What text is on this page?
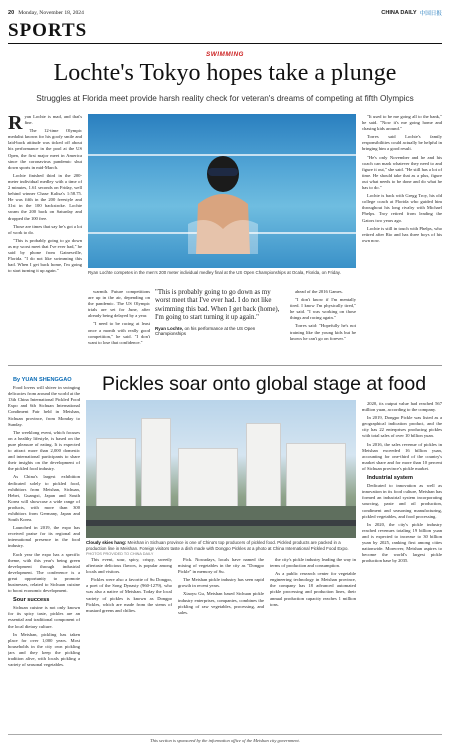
20 Monday, November 18, 2024	CHINA DAILY 中国日报
SPORTS
SWIMMING
Lochte's Tokyo hopes take a plunge
Struggles at Florida meet provide harsh reality check for veteran's dreams of competing at fifth Olympics

Ryan Lochte is mad, and that's fine.

The 12-time Olympic medalist known for his goofy smile and laid-back attitude was ticked off about his performance in the pool at the US Open, the first major meet in America since the coronavirus pandemic shut down sports in mid-March.

Lochte finished third in the 200-meter individual medley with a time of 2 minutes, 1.61 seconds on Friday, well behind winner Chase Kalisz's 1:58.75. He was fifth in the 200 freestyle and 31st in the 100 backstroke. Lochte swam the 200 back on Saturday and dropped the 100 free.

Those are times that say he's got a lot of work to do.

"This is probably going to go down as my worst meet that I've ever had," he said by phone from Gainesville, Florida. "I do not like swimming this bad. When I get back home, I'm going to start turning it up again."	Ryan Lochte competes in the men's 200 meter individual medley final at the US Open Championships at Ocala, Florida, on Friday.

warmth. Future competitions are up in the air, depending on the pandemic. The US Olympic trials are set for June, after already being delayed by a year.

"I need to be racing at least once a month with really good competition," he said. "I don't want to lose that confidence."

"This is probably going to go down as my worst meet that I've ever had. I do not like swimming this bad. When I get back (home), I'm going to start turning it up again."
Ryan Lochte, on his performance at the US Open Championships

ahead of the 2016 Games.

"I don't know if I'm mentally tired. I know I'm physically tired," he said. "I was working on those things and racing again."

Torres said: "Hopefully he's not training like the young kids but he knows he can't go on forever."

"It used to be me going all to the bank," he said. "Now it's me going home and chasing kids around."

Torres said Lochte's family responsibilities could actually be helpful in bringing him a good result.

"He's only November and he and his coach can mark whatever they need to and figure it out," she said. "He still has a lot of time. He should take that as a plus, figure out what needs to be done and do what he has to do."

Lochte is back with Gregg Troy, his old college coach at Florida who guided him throughout his long rivalry with Michael Phelps. Troy retired from leading the Gators two years ago.

Lochte is still in touch with Phelps, who retired after Rio and has three boys of his own now.

Pickles soar onto global stage at food

By YUAN SHENGGAO

Food lovers will shiver in swinging delicacies from around the world at the 13th China International Pickled Food Expo and 6th Sichuan International Condiment Fair held in Meishan, Sichuan province, from Monday to Sunday.

The weeklong event, which focuses on a healthy lifestyle, is based on the pure pleasure of eating. It is expected to attract more than 2,000 domestic and international participants to share their insights on the development of the pickled food industry.

As China's largest exhibition dedicated solely to pickled food, exhibitors from Meishan, Sichuan, Hebei, Guangxi, Japan and South Korea will showcase a wide range of products, with more than 300 exhibitors from Germany, Japan and South Korea.

Launched in 2019, the expo has received praise for its regional and international presence in the food industry.

Each year the expo has a specific theme, with this year's being green development through industrial development. The conference is a great opportunity to promote businesses, related to Sichuan cuisine to boost economic development.

Sour success

Sichuan cuisine is not only known for its spicy taste, pickles are an essential and traditional component of the local dietary culture.

In Meishan, pickling has taken place for over 1,000 years. Most households in the city own pickling jars and they keep the pickling tradition alive, with locals pickling a variety of seasonal vegetables.

Cloudy skies hang: Meishan in Sichuan province is one of China's top producers of pickled food. Pickled products are packed in a production line in Meishan. Foreign visitors taste a dish made with Dongpo Pickles at a photo at China International Pickled Food Expo. PHOTOS PROVIDED TO CHINA DAILY

This event, sour, spicy, crispy, sweetly aftertaste delicious flavors, is popular among locals and visitors.

Pickles were also a favorite of Su Dongpo, a poet of the Song Dynasty (960-1279), who was also a native of Meishan. Today the local variety of pickles is known as Dongpo Pickles, which are made from the stems of mustard greens and chilies.

Pick. Nowadays, locals have named the mixing of vegetables in the city as "Dongpo Pickle" in memory of Su.

The Meishan pickle industry has seen rapid growth in recent years.

Xiaoyu Gu, Meishan based Sichuan pickle industry enterprises, companies, combines the pickling of raw vegetables, processing, and sales.

the city's pickle industry leading the way in terms of production and consumption.

As a public research center for vegetable engineering technology in Meishan province, the company has 18 advanced automated pickle processing and production lines, their annual production capacity reaches 1 million tons.

2020, its output value had reached 567 million yuan, according to the company.

In 2019, Dongpo Pickle was listed as a geographical indication product, and the city has 22 enterprises producing pickles with total sales of over 10 billion yuan.

In 2016, the sales revenue of pickles in Meishan exceeded 16 billion yuan, accounting for one-third of the country's market share and for more than 10 percent of Sichuan province's pickle market.

Industrial system

Dedicated to innovation as well as innovation in its food culture, Meishan has formed an industrial system incorporating sourcing, paste and oil production, condiment and seasoning manufacturing, pickled vegetables, and food processing.

In 2020, the city's pickle industry reached revenues totaling 19 billion yuan and is expected to increase to 30 billion yuan by 2025, ranking first among cities nationwide. Moreover, Meishan aspires to become the world's largest pickle production base by 2035.

This section is sponsored by the information office of the Meishan city government.
